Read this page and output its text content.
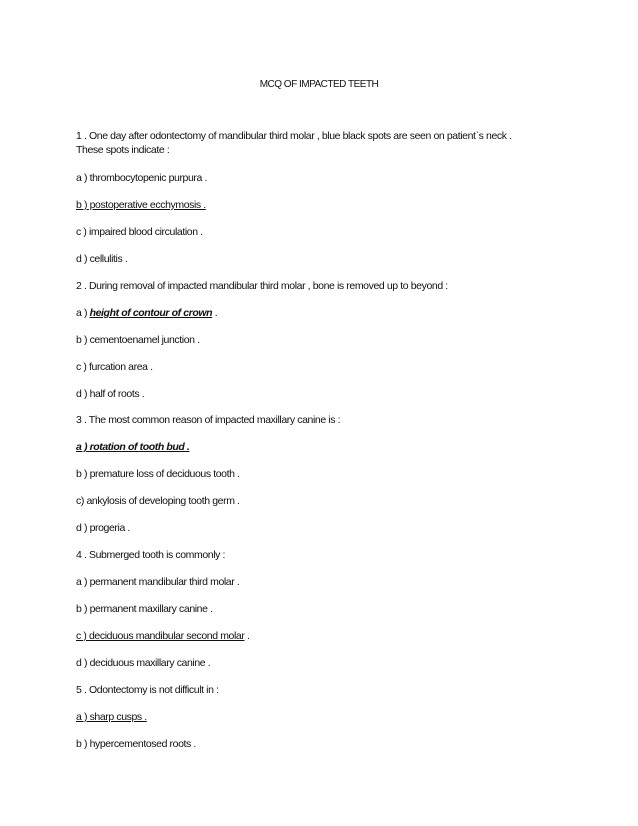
MCQ OF IMPACTED TEETH
1 . One day after odontectomy of mandibular third molar , blue black spots are seen on patient`s neck .
These spots indicate :
a ) thrombocytopenic purpura .
b ) postoperative ecchymosis .
c ) impaired blood circulation .
d ) cellulitis .
2 . During removal of impacted mandibular third molar , bone is removed up to beyond :
a ) height of contour of crown .
b ) cementoenamel junction .
c ) furcation area .
d ) half of roots .
3 . The most common reason of impacted maxillary canine is :
a ) rotation of tooth bud .
b ) premature loss of deciduous tooth .
c) ankylosis of developing tooth germ .
d ) progeria .
4 . Submerged tooth is commonly :
a ) permanent mandibular third molar .
b ) permanent maxillary canine .
c ) deciduous mandibular second molar .
d ) deciduous maxillary canine .
5 . Odontectomy is not difficult in :
a ) sharp cusps .
b ) hypercementosed roots .
